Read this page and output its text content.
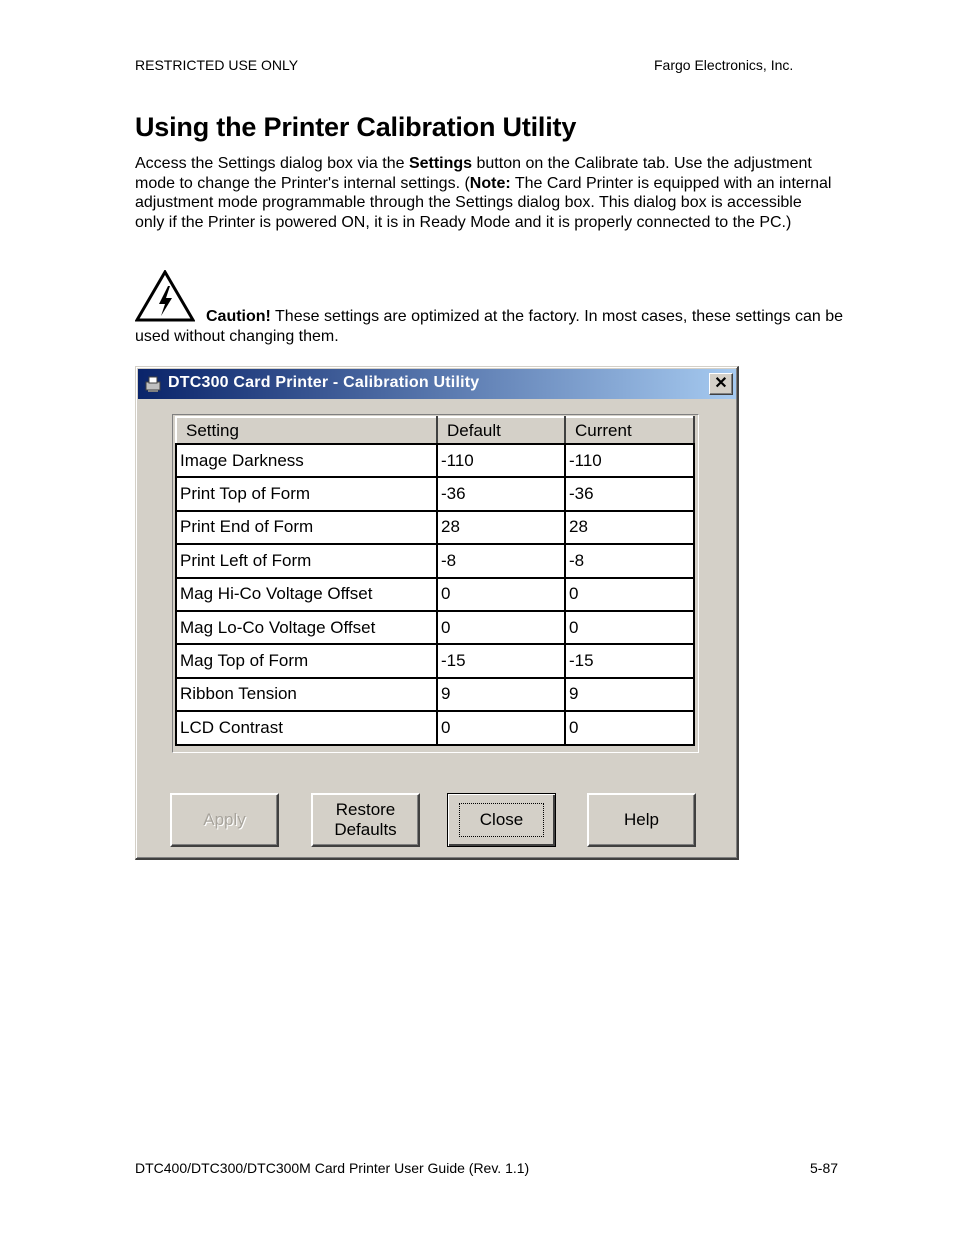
RESTRICTED USE ONLY	Fargo Electronics, Inc.
Using the Printer Calibration Utility

Access the Settings dialog box via the Settings button on the Calibrate tab. Use the adjustment mode to change the Printer's internal settings. (Note: The Card Printer is equipped with an internal adjustment mode programmable through the Settings dialog box. This dialog box is accessible only if the Printer is powered ON, it is in Ready Mode and it is properly connected to the PC.)

Caution! These settings are optimized at the factory. In most cases, these settings can be used without changing them.

DTC300 Card Printer - Calibration Utility	✕
Setting	Default	Current
Image Darkness	-110	-110
Print Top of Form	-36	-36
Print End of Form	28	28
Print Left of Form	-8	-8
Mag Hi-Co Voltage Offset	0	0
Mag Lo-Co Voltage Offset	0	0
Mag Top of Form	-15	-15
Ribbon Tension	9	9
LCD Contrast	0	0
Apply
Restore
Defaults
Close	Help
DTC400/DTC300/DTC300M Card Printer User Guide (Rev. 1.1)	5-87
